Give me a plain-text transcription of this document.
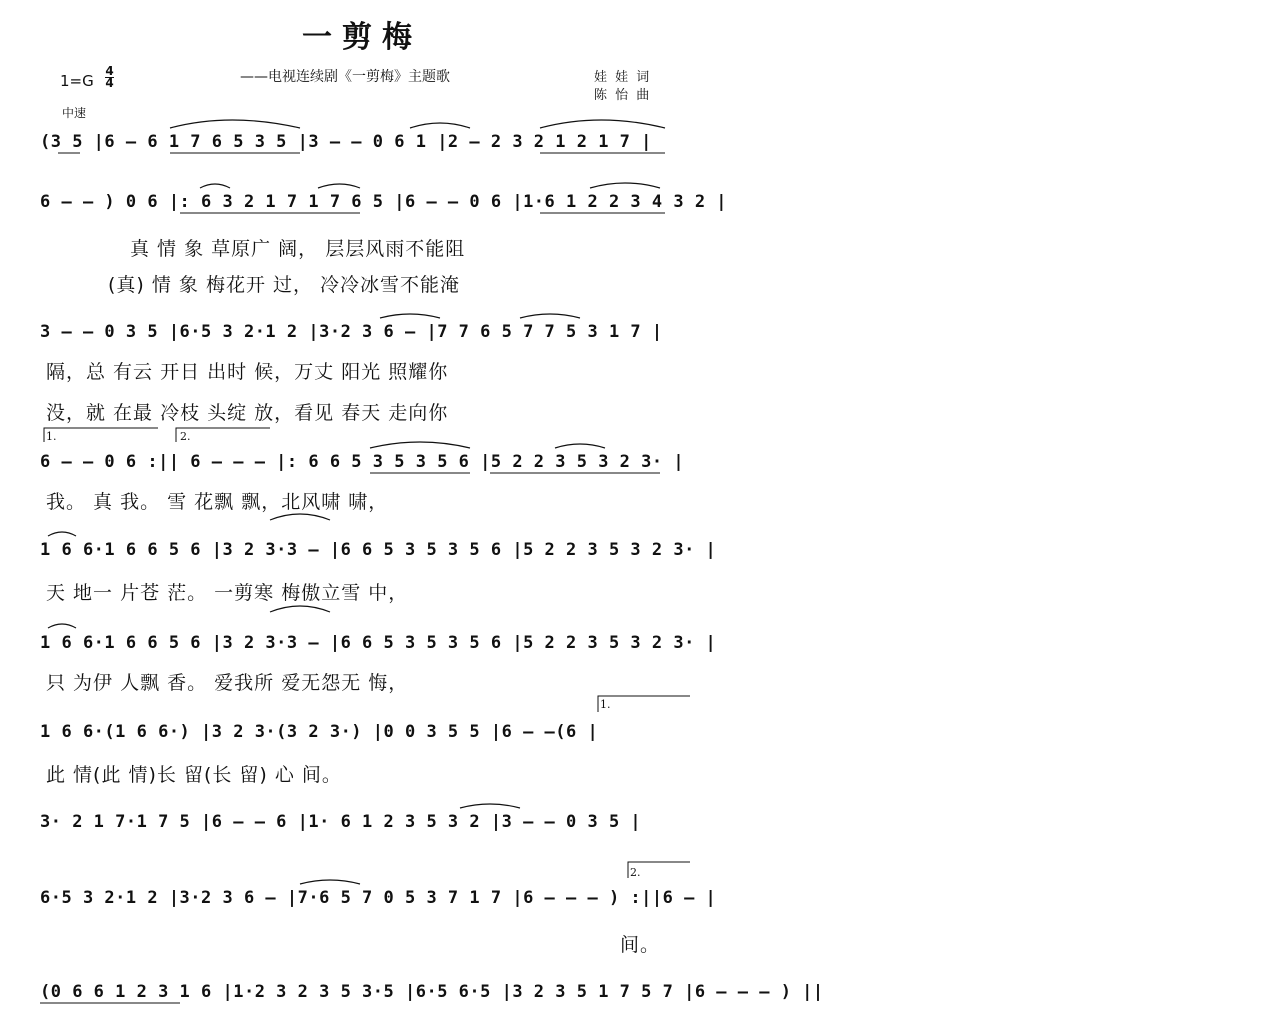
一剪梅
——电视连续剧《一剪梅》主题歌	娃 娃 词
陈 怡 曲
1=G
4
4
中速
(3 5 |6 – 6 1 7 6 5 3 5 |3 – – 0 6 1 |2 – 2 3 2 1 2 1 7 |
6 – – ) 0 6 |: 6 3 2 1 7 1 7 6 5 |6 – – 0 6 |1·6 1 2 2 3 4 3 2 |
真 情 象 草原广 阔， 层层风雨不能阻
(真) 情 象 梅花开 过， 冷冷冰雪不能淹
3 – – 0 3 5 |6·5 3 2·1 2 |3·2 3 6 – |7 7 6 5 7 7 5 3 1 7 |
隔，总 有云 开日 出时 候，万丈 阳光 照耀你
没，就 在最 冷枝 头绽 放，看见 春天 走向你
1.	2.
6 – – 0 6 :|| 6 – – – |: 6 6 5 3 5 3 5 6 |5 2 2 3 5 3 2 3· |
我。 真 我。 雪 花飘 飘，北风啸 啸，
1 6 6·1 6 6 5 6 |3 2 3·3 – |6 6 5 3 5 3 5 6 |5 2 2 3 5 3 2 3· |
天 地一 片苍 茫。 一剪寒 梅傲立雪 中，
1 6 6·1 6 6 5 6 |3 2 3·3 – |6 6 5 3 5 3 5 6 |5 2 2 3 5 3 2 3· |
只 为伊 人飘 香。 爱我所 爱无怨无 悔，
1.
1 6 6·(1 6 6·) |3 2 3·(3 2 3·) |0 0 3 5 5 |6 – –(6 |
此 情(此 情)长 留(长 留) 心 间。
3· 2 1 7·1 7 5 |6 – – 6 |1· 6 1 2 3 5 3 2 |3 – – 0 3 5 |
2.
6·5 3 2·1 2 |3·2 3 6 – |7·6 5 7 0 5 3 7 1 7 |6 – – – ) :||6 — |
间。
(0 6 6 1 2 3 1 6 |1·2 3 2 3 5 3·5 |6·5 6·5 |3 2 3 5 1 7 5 7 |6 – – – ) ||
